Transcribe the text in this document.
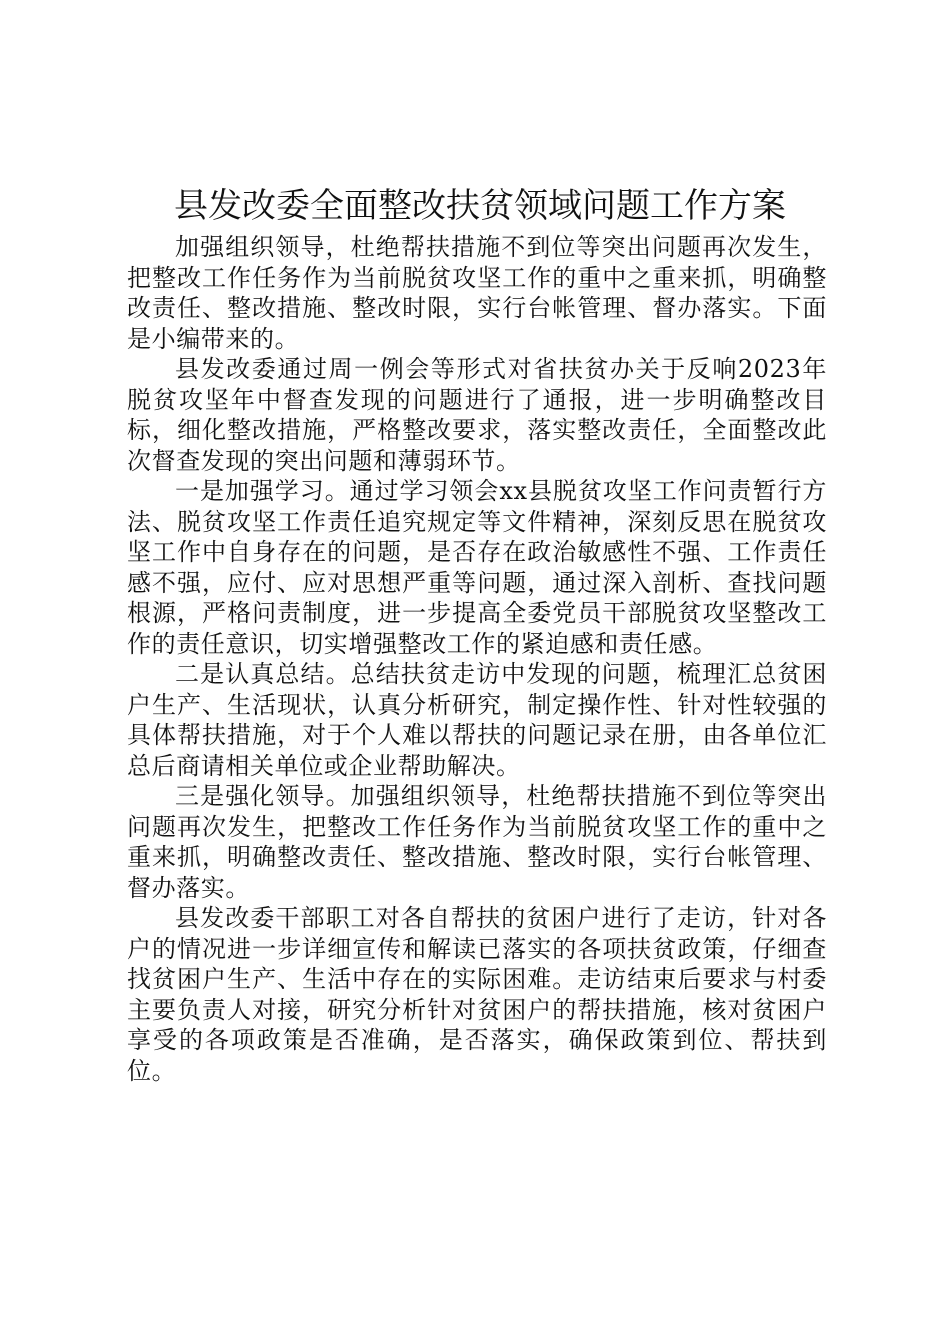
县发改委全面整改扶贫领域问题工作方案

加强组织领导，杜绝帮扶措施不到位等突出问题再次发生，把整改工作任务作为当前脱贫攻坚工作的重中之重来抓，明确整改责任、整改措施、整改时限，实行台帐管理、督办落实。下面是小编带来的。

县发改委通过周一例会等形式对省扶贫办关于反响2023年脱贫攻坚年中督查发现的问题进行了通报，进一步明确整改目标，细化整改措施，严格整改要求，落实整改责任，全面整改此次督查发现的突出问题和薄弱环节。

一是加强学习。通过学习领会xx县脱贫攻坚工作问责暂行方法、脱贫攻坚工作责任追究规定等文件精神，深刻反思在脱贫攻坚工作中自身存在的问题，是否存在政治敏感性不强、工作责任感不强，应付、应对思想严重等问题，通过深入剖析、查找问题根源，严格问责制度，进一步提高全委党员干部脱贫攻坚整改工作的责任意识，切实增强整改工作的紧迫感和责任感。

二是认真总结。总结扶贫走访中发现的问题，梳理汇总贫困户生产、生活现状，认真分析研究，制定操作性、针对性较强的具体帮扶措施，对于个人难以帮扶的问题记录在册，由各单位汇总后商请相关单位或企业帮助解决。

三是强化领导。加强组织领导，杜绝帮扶措施不到位等突出问题再次发生，把整改工作任务作为当前脱贫攻坚工作的重中之重来抓，明确整改责任、整改措施、整改时限，实行台帐管理、督办落实。

县发改委干部职工对各自帮扶的贫困户进行了走访，针对各户的情况进一步详细宣传和解读已落实的各项扶贫政策，仔细查找贫困户生产、生活中存在的实际困难。走访结束后要求与村委主要负责人对接，研究分析针对贫困户的帮扶措施，核对贫困户享受的各项政策是否准确，是否落实，确保政策到位、帮扶到位。
